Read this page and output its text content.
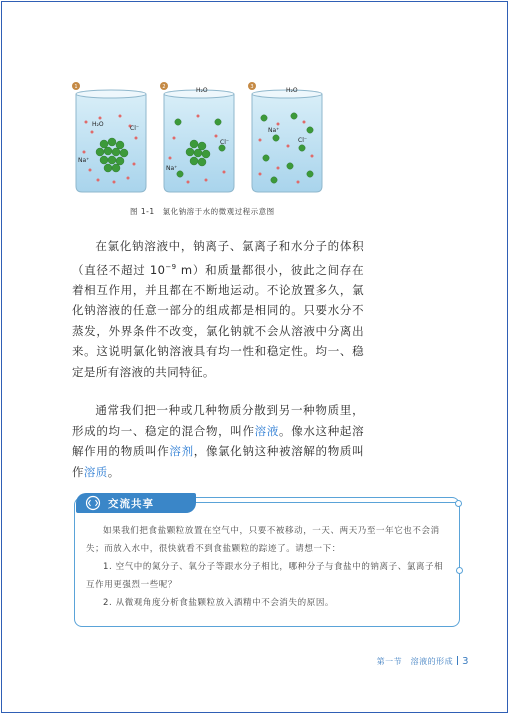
1
H₂O
Cl⁻
Na⁺
2	H₂O
Cl⁻
Na⁺
3	H₂O
Na⁺
Cl⁻
图 1-1　氯化钠溶于水的微观过程示意图
在氯化钠溶液中，钠离子、氯离子和水分子的体积（直径不超过 $10^{-9}$ m）和质量都很小，彼此之间存在着相互作用，并且都在不断地运动。不论放置多久，氯化钠溶液的任意一部分的组成都是相同的。只要水分不蒸发，外界条件不改变，氯化钠就不会从溶液中分离出来。这说明氯化钠溶液具有均一性和稳定性。均一、稳定是所有溶液的共同特征。
通常我们把一种或几种物质分散到另一种物质里，形成的均一、稳定的混合物，叫作溶液。像水这种起溶解作用的物质叫作溶剂，像氯化钠这种被溶解的物质叫作溶质。
交流共享
如果我们把食盐颗粒放置在空气中，只要不被移动，一天、两天乃至一年它也不会消失；而放入水中，很快就看不到食盐颗粒的踪迹了。请想一下：
1. 空气中的氮分子、氧分子等跟水分子相比，哪种分子与食盐中的钠离子、氯离子相互作用更强烈一些呢？
2. 从微观角度分析食盐颗粒放入酒精中不会消失的原因。
第一节　溶液的形成 3
